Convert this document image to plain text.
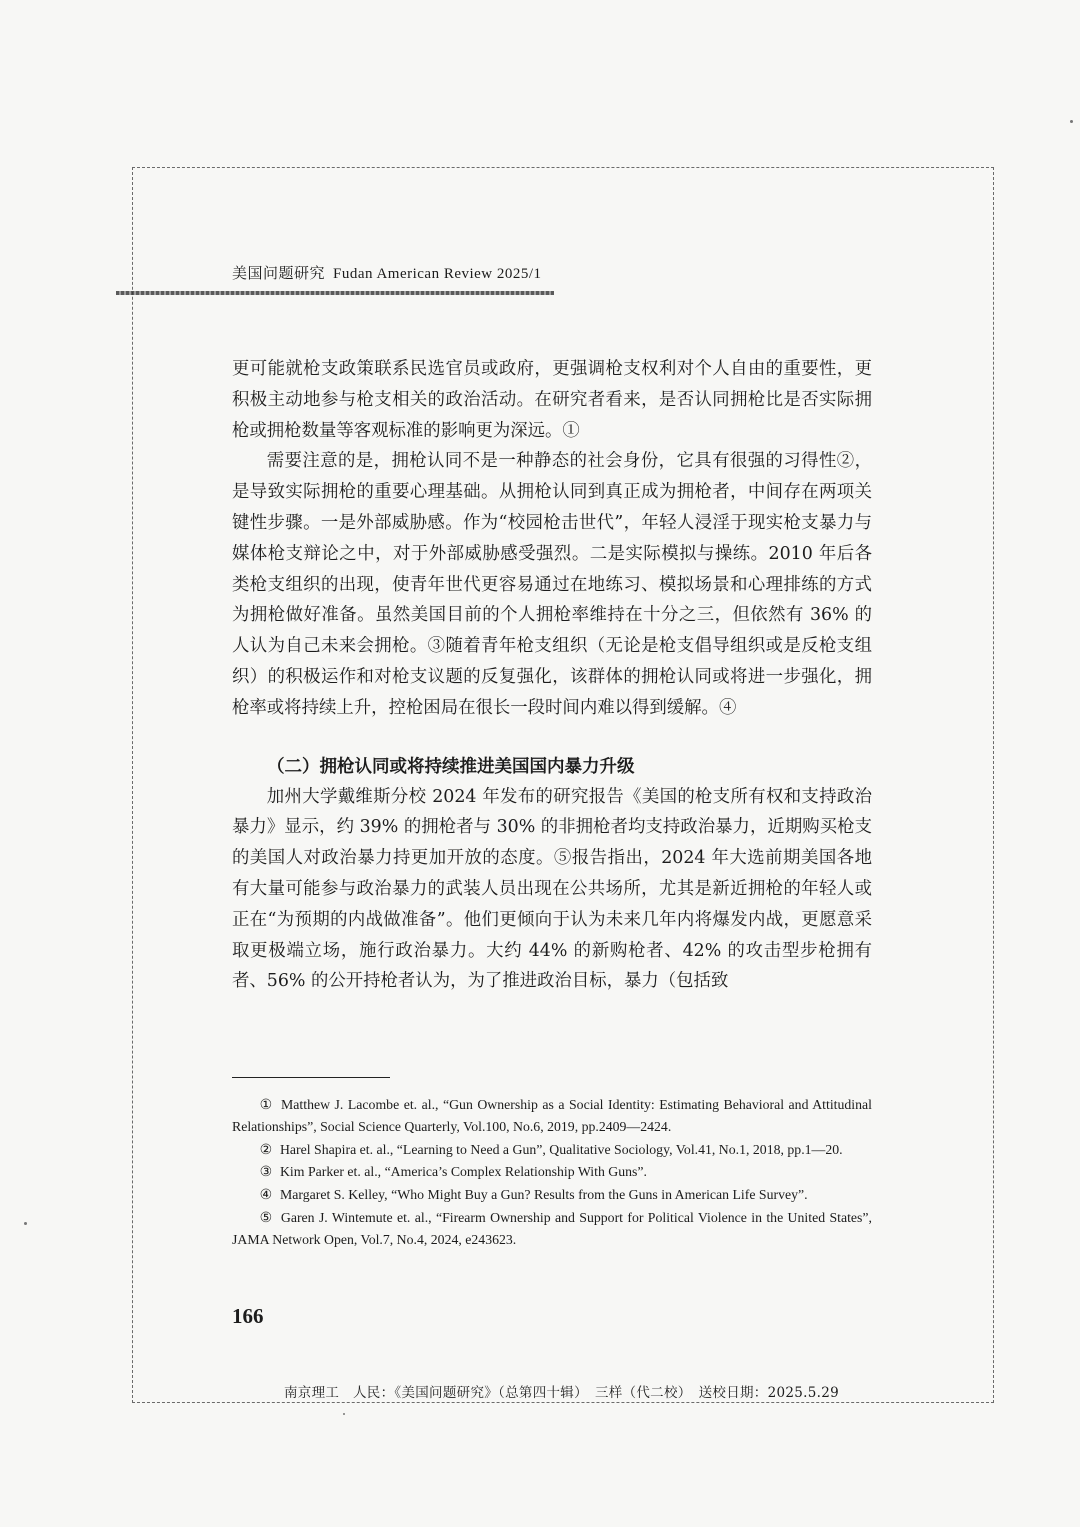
美国问题研究 Fudan American Review 2025/1

更可能就枪支政策联系民选官员或政府，更强调枪支权利对个人自由的重要性，更积极主动地参与枪支相关的政治活动。在研究者看来，是否认同拥枪比是否实际拥枪或拥枪数量等客观标准的影响更为深远。①

需要注意的是，拥枪认同不是一种静态的社会身份，它具有很强的习得性②，是导致实际拥枪的重要心理基础。从拥枪认同到真正成为拥枪者，中间存在两项关键性步骤。一是外部威胁感。作为“校园枪击世代”，年轻人浸淫于现实枪支暴力与媒体枪支辩论之中，对于外部威胁感受强烈。二是实际模拟与操练。2010 年后各类枪支组织的出现，使青年世代更容易通过在地练习、模拟场景和心理排练的方式为拥枪做好准备。虽然美国目前的个人拥枪率维持在十分之三，但依然有 36% 的人认为自己未来会拥枪。③随着青年枪支组织（无论是枪支倡导组织或是反枪支组织）的积极运作和对枪支议题的反复强化，该群体的拥枪认同或将进一步强化，拥枪率或将持续上升，控枪困局在很长一段时间内难以得到缓解。④

（二）拥枪认同或将持续推进美国国内暴力升级

加州大学戴维斯分校 2024 年发布的研究报告《美国的枪支所有权和支持政治暴力》显示，约 39% 的拥枪者与 30% 的非拥枪者均支持政治暴力，近期购买枪支的美国人对政治暴力持更加开放的态度。⑤报告指出，2024 年大选前期美国各地有大量可能参与政治暴力的武装人员出现在公共场所，尤其是新近拥枪的年轻人或正在“为预期的内战做准备”。他们更倾向于认为未来几年内将爆发内战，更愿意采取更极端立场，施行政治暴力。大约 44% 的新购枪者、42% 的攻击型步枪拥有者、56% 的公开持枪者认为，为了推进政治目标，暴力（包括致

① Matthew J. Lacombe et. al., “Gun Ownership as a Social Identity: Estimating Behavioral and Attitudinal Relationships”, Social Science Quarterly, Vol.100, No.6, 2019, pp.2409—2424.

② Harel Shapira et. al., “Learning to Need a Gun”, Qualitative Sociology, Vol.41, No.1, 2018, pp.1—20.

③ Kim Parker et. al., “America’s Complex Relationship With Guns”.

④ Margaret S. Kelley, “Who Might Buy a Gun? Results from the Guns in American Life Survey”.

⑤ Garen J. Wintemute et. al., “Firearm Ownership and Support for Political Violence in the United States”, JAMA Network Open, Vol.7, No.4, 2024, e243623.

166
南京理工　人民：《美国问题研究》（总第四十辑）　三样（代二校）　送校日期：2025.5.29
